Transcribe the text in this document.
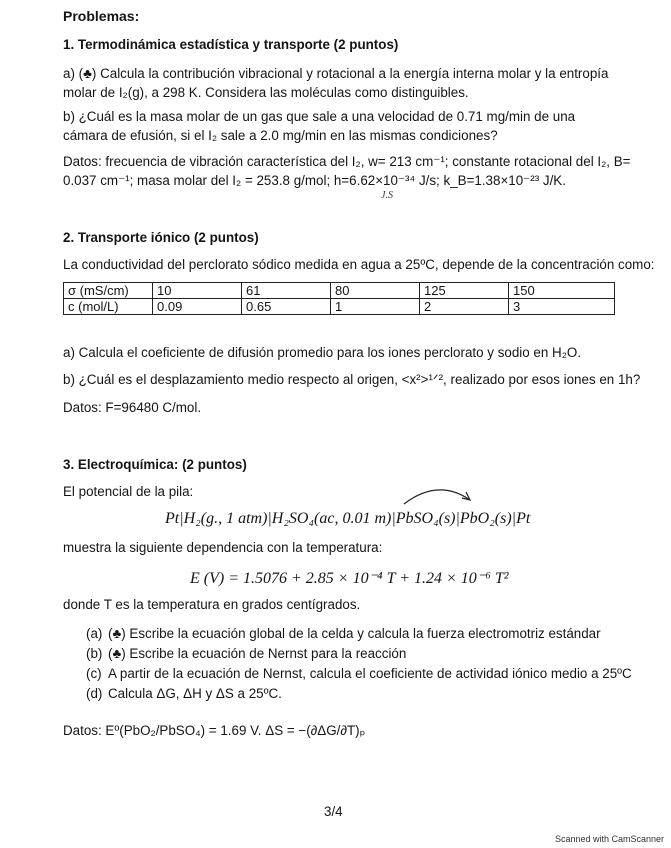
Problemas:
1. Termodinámica estadística y transporte (2 puntos)
a) (♣) Calcula la contribución vibracional y rotacional a la energía interna molar y la entropía molar de I₂(g), a 298 K. Considera las moléculas como distinguibles.
b) ¿Cuál es la masa molar de un gas que sale a una velocidad de 0.71 mg/min de una cámara de efusión, si el I₂ sale a 2.0 mg/min en las mismas condiciones?
Datos: frecuencia de vibración característica del I₂, w= 213 cm⁻¹; constante rotacional del I₂, B=
0.037 cm⁻¹; masa molar del I₂ = 253.8 g/mol; h=6.62×10⁻³⁴ J/s; k_B=1.38×10⁻²³ J/K.
J.S
2. Transporte iónico (2 puntos)
La conductividad del perclorato sódico medida en agua a 25ºC, depende de la concentración como:
σ (mS/cm)	10	61	80	125	150
c (mol/L)	0.09	0.65	1	2	3
a) Calcula el coeficiente de difusión promedio para los iones perclorato y sodio en H₂O.
b) ¿Cuál es el desplazamiento medio respecto al origen, <x²>¹ᐟ², realizado por esos iones en 1h?
Datos: F=96480 C/mol.
3. Electroquímica: (2 puntos)
El potencial de la pila:
Pt|H₂(g., 1 atm)|H₂SO₄(ac, 0.01 m)|PbSO₄(s)|PbO₂(s)|Pt
muestra la siguiente dependencia con la temperatura:
E (V) = 1.5076 + 2.85 × 10⁻⁴ T + 1.24 × 10⁻⁶ T²
donde T es la temperatura en grados centígrados.
(a) (♣) Escribe la ecuación global de la celda y calcula la fuerza electromotriz estándar
(b) (♣) Escribe la ecuación de Nernst para la reacción
(c) A partir de la ecuación de Nernst, calcula el coeficiente de actividad iónico medio a 25ºC
(d) Calcula ΔG, ΔH y ΔS a 25ºC.
Datos: Eº(PbO₂/PbSO₄) = 1.69 V. ΔS = −(∂ΔG/∂T)ₚ
3/4
Scanned with CamScanner
